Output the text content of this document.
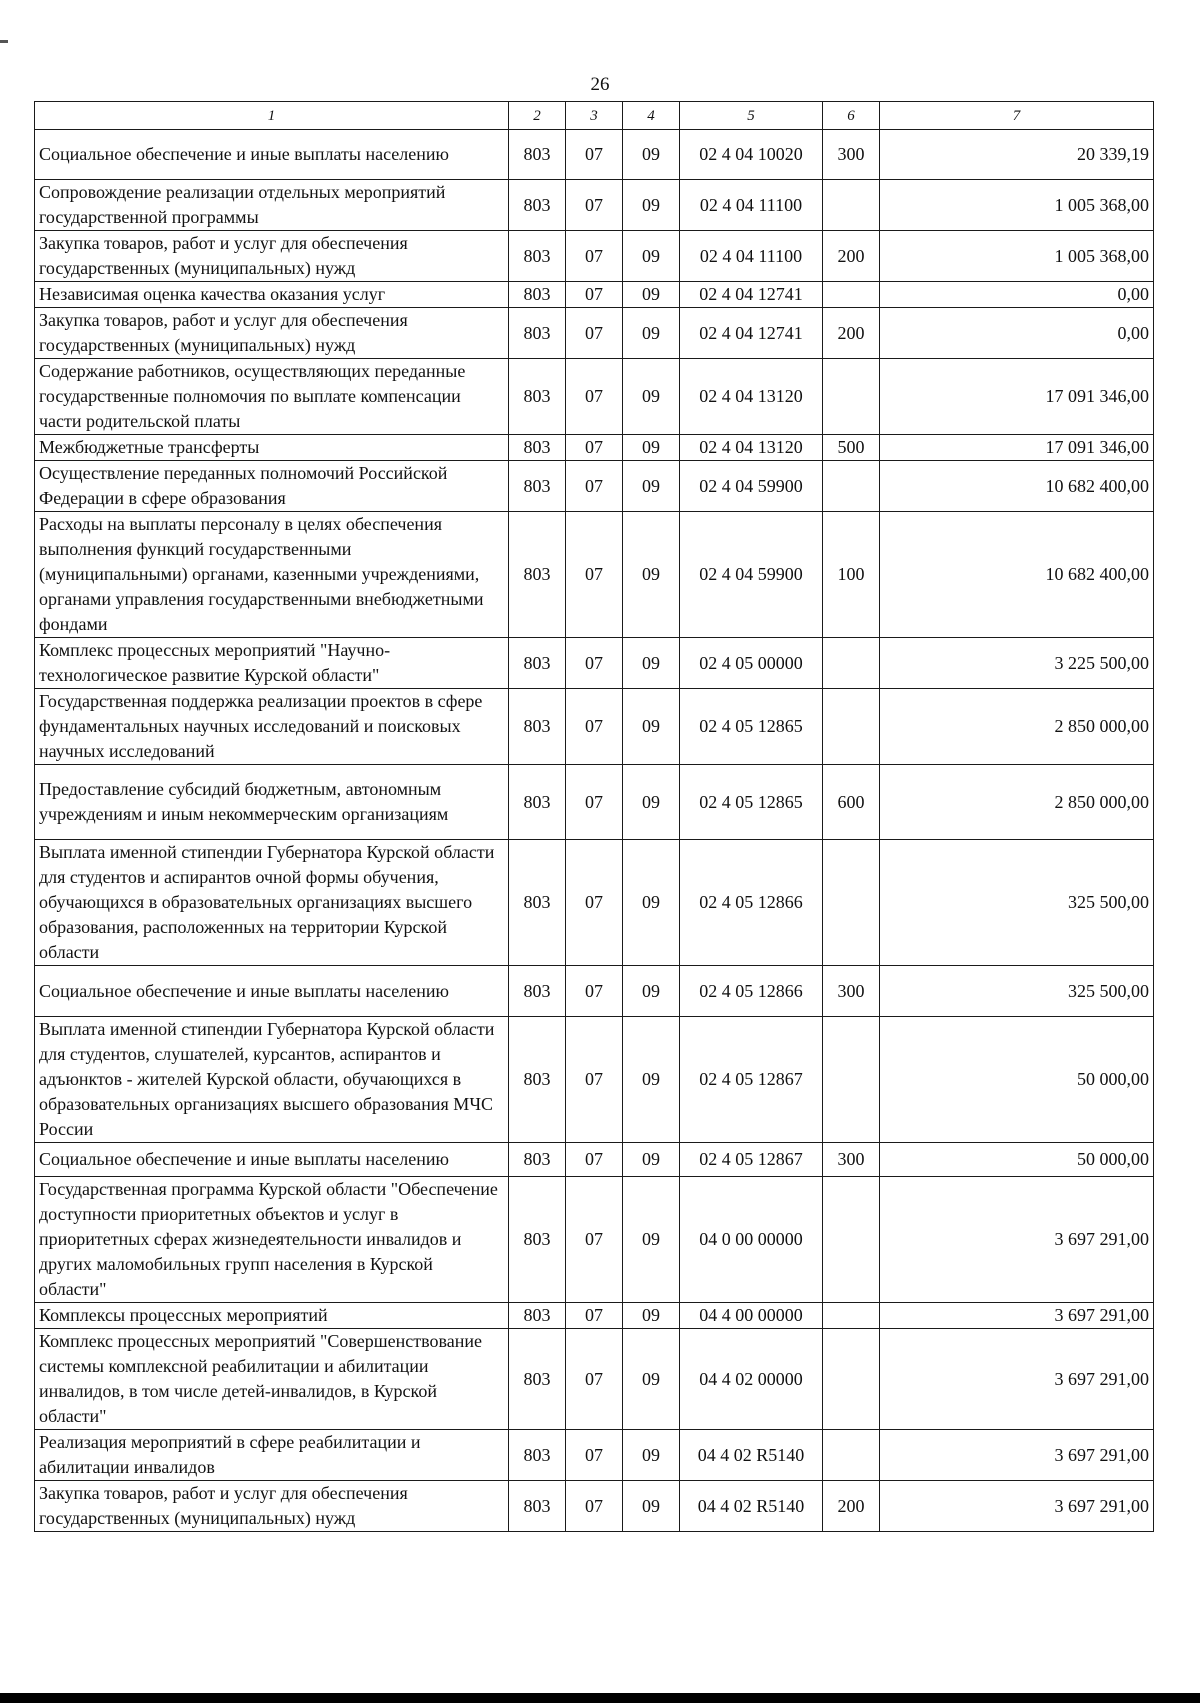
26
1	2	3	4	5	6	7
Социальное обеспечение и иные выплаты населению	803	07	09	02 4 04 10020	300	20 339,19
Сопровождение реализации отдельных мероприятий государственной программы	803	07	09	02 4 04 11100		1 005 368,00
Закупка товаров, работ и услуг для обеспечения государственных (муниципальных) нужд	803	07	09	02 4 04 11100	200	1 005 368,00
Независимая оценка качества оказания услуг	803	07	09	02 4 04 12741		0,00
Закупка товаров, работ и услуг для обеспечения государственных (муниципальных) нужд	803	07	09	02 4 04 12741	200	0,00
Содержание работников, осуществляющих переданные государственные полномочия по выплате компенсации части родительской платы	803	07	09	02 4 04 13120		17 091 346,00
Межбюджетные трансферты	803	07	09	02 4 04 13120	500	17 091 346,00
Осуществление переданных полномочий Российской Федерации в сфере образования	803	07	09	02 4 04 59900		10 682 400,00
Расходы на выплаты персоналу в целях обеспечения выполнения функций государственными (муниципальными) органами, казенными учреждениями, органами управления государственными внебюджетными фондами	803	07	09	02 4 04 59900	100	10 682 400,00
Комплекс процессных мероприятий "Научно-технологическое развитие Курской области"	803	07	09	02 4 05 00000		3 225 500,00
Государственная поддержка реализации проектов в сфере фундаментальных научных исследований и поисковых научных исследований	803	07	09	02 4 05 12865		2 850 000,00
Предоставление субсидий бюджетным, автономным учреждениям и иным некоммерческим организациям	803	07	09	02 4 05 12865	600	2 850 000,00
Выплата именной стипендии Губернатора Курской области для студентов и аспирантов очной формы обучения, обучающихся в образовательных организациях высшего образования, расположенных на территории Курской области	803	07	09	02 4 05 12866		325 500,00
Социальное обеспечение и иные выплаты населению	803	07	09	02 4 05 12866	300	325 500,00
Выплата именной стипендии Губернатора Курской области для студентов, слушателей, курсантов, аспирантов и адъюнктов - жителей Курской области, обучающихся в образовательных организациях высшего образования МЧС России	803	07	09	02 4 05 12867		50 000,00
Социальное обеспечение и иные выплаты населению	803	07	09	02 4 05 12867	300	50 000,00
Государственная программа Курской области "Обеспечение доступности приоритетных объектов и услуг в приоритетных сферах жизнедеятельности инвалидов и других маломобильных групп населения в Курской области"	803	07	09	04 0 00 00000		3 697 291,00
Комплексы процессных мероприятий	803	07	09	04 4 00 00000		3 697 291,00
Комплекс процессных мероприятий "Совершенствование системы комплексной реабилитации и абилитации инвалидов, в том числе детей-инвалидов, в Курской области"	803	07	09	04 4 02 00000		3 697 291,00
Реализация мероприятий в сфере реабилитации и абилитации инвалидов	803	07	09	04 4 02 R5140		3 697 291,00
Закупка товаров, работ и услуг для обеспечения государственных (муниципальных) нужд	803	07	09	04 4 02 R5140	200	3 697 291,00
